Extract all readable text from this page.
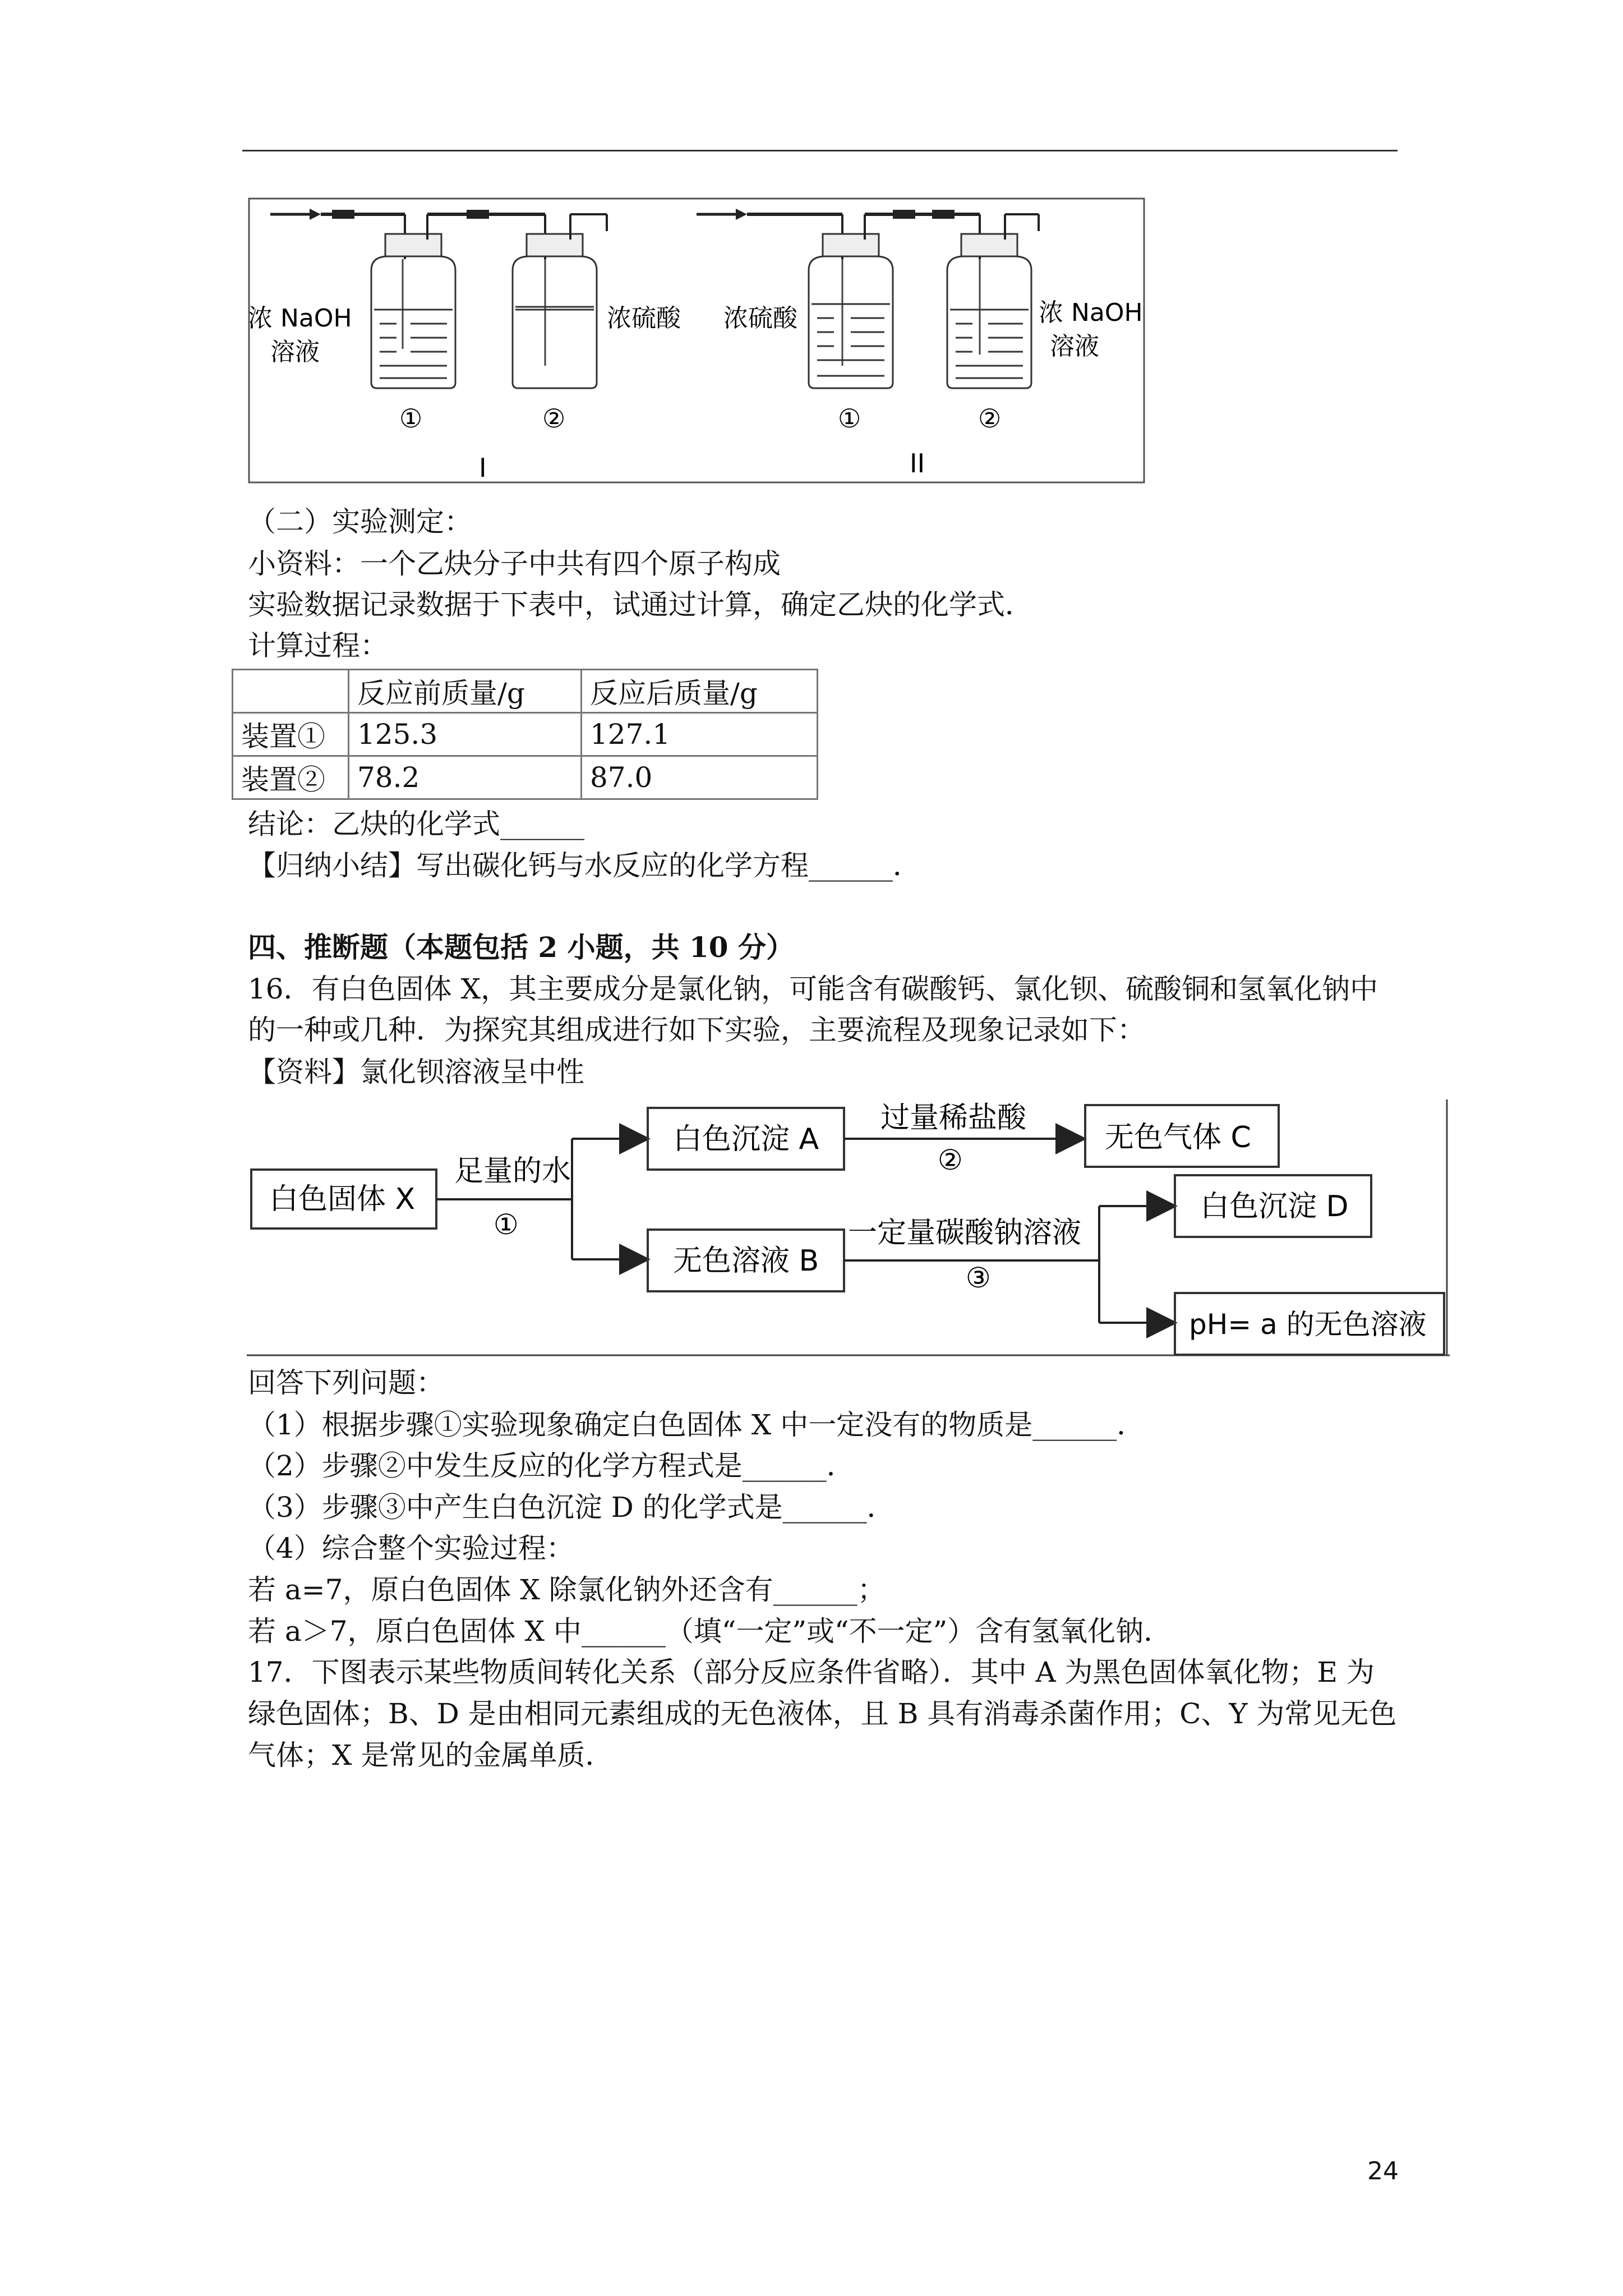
浓 NaOH
溶液
浓硫酸
①	②
I
浓硫酸	浓 NaOH
溶液
①	②
II
（二）实验测定：
小资料：一个乙炔分子中共有四个原子构成
实验数据记录数据于下表中，试通过计算，确定乙炔的化学式．
计算过程：
	反应前质量/g	反应后质量/g
装置①	125.3	127.1
装置②	78.2	87.0
结论：乙炔的化学式______
【归纳小结】写出碳化钙与水反应的化学方程______．
四、推断题（本题包括 2 小题，共 10 分）
16．有白色固体 X，其主要成分是氯化钠，可能含有碳酸钙、氯化钡、硫酸铜和氢氧化钠中
的一种或几种．为探究其组成进行如下实验，主要流程及现象记录如下：
【资料】氯化钡溶液呈中性
白色固体 X
足量的水
①
白色沉淀 A
过量稀盐酸
②
无色气体 C
无色溶液 B
一定量碳酸钠溶液
③
白色沉淀 D
pH= a 的无色溶液
回答下列问题：
（1）根据步骤①实验现象确定白色固体 X 中一定没有的物质是______．
（2）步骤②中发生反应的化学方程式是______．
（3）步骤③中产生白色沉淀 D 的化学式是______．
（4）综合整个实验过程：
若 a=7，原白色固体 X 除氯化钠外还含有______；
若 a＞7，原白色固体 X 中______（填“一定”或“不一定”）含有氢氧化钠．
17．下图表示某些物质间转化关系（部分反应条件省略）．其中 A 为黑色固体氧化物；E 为
绿色固体；B、D 是由相同元素组成的无色液体，且 B 具有消毒杀菌作用；C、Y 为常见无色
气体；X 是常见的金属单质．
24
